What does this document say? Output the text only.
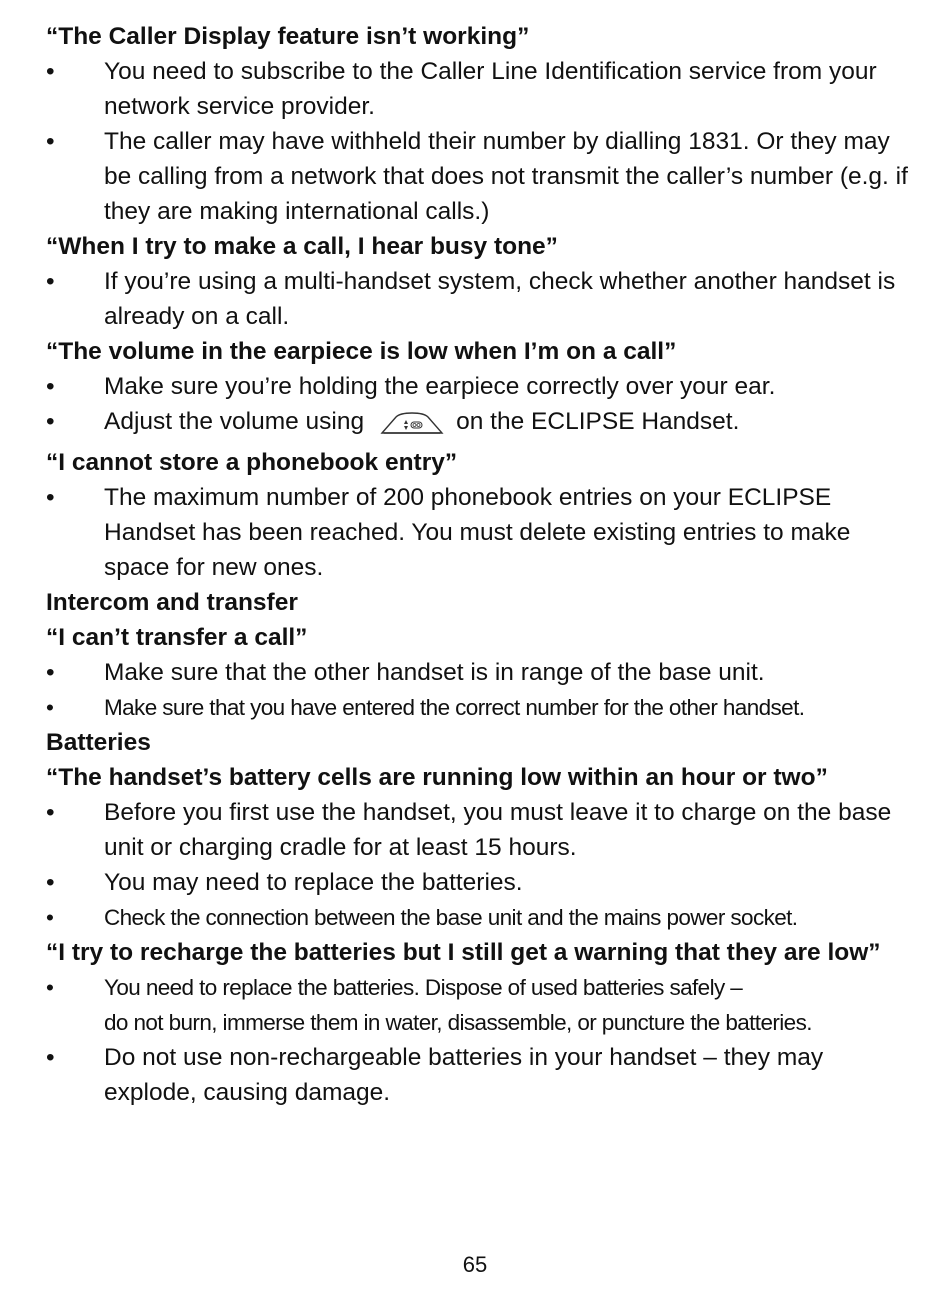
“The Caller Display feature isn’t working”

•	You need to subscribe to the Caller Line Identification service from your network service provider.

•	The caller may have withheld their number by dialling 1831. Or they may be calling from a network that does not transmit the caller’s number (e.g. if they are making international calls.)

“When I try to make a call, I hear busy tone”

•	If you’re using a multi-handset system, check whether another handset is already on a call.

“The volume in the earpiece is low when I’m on a call”

•	Make sure you’re holding the earpiece correctly over your ear.

•	Adjust the volume using	on the ECLIPSE Handset.

“I cannot store a phonebook entry”

•	The maximum number of 200 phonebook entries on your ECLIPSE Handset has been reached. You must delete existing entries to make space for new ones.

Intercom and transfer

“I can’t transfer a call”

•	Make sure that the other handset is in range of the base unit.

•	Make sure that you have entered the correct number for the other handset.

Batteries

“The handset’s battery cells are running low within an hour or two”

•	Before you first use the handset, you must leave it to charge on the base unit or charging cradle for at least 15 hours.

•	You may need to replace the batteries.

•	Check the connection between the base unit and the mains power socket.

“I try to recharge the batteries but I still get a warning that they are low”

•	You need to replace the batteries. Dispose of used batteries safely –
do not burn, immerse them in water, disassemble, or puncture the batteries.

•	Do not use non-rechargeable batteries in your handset – they may explode, causing damage.

65
